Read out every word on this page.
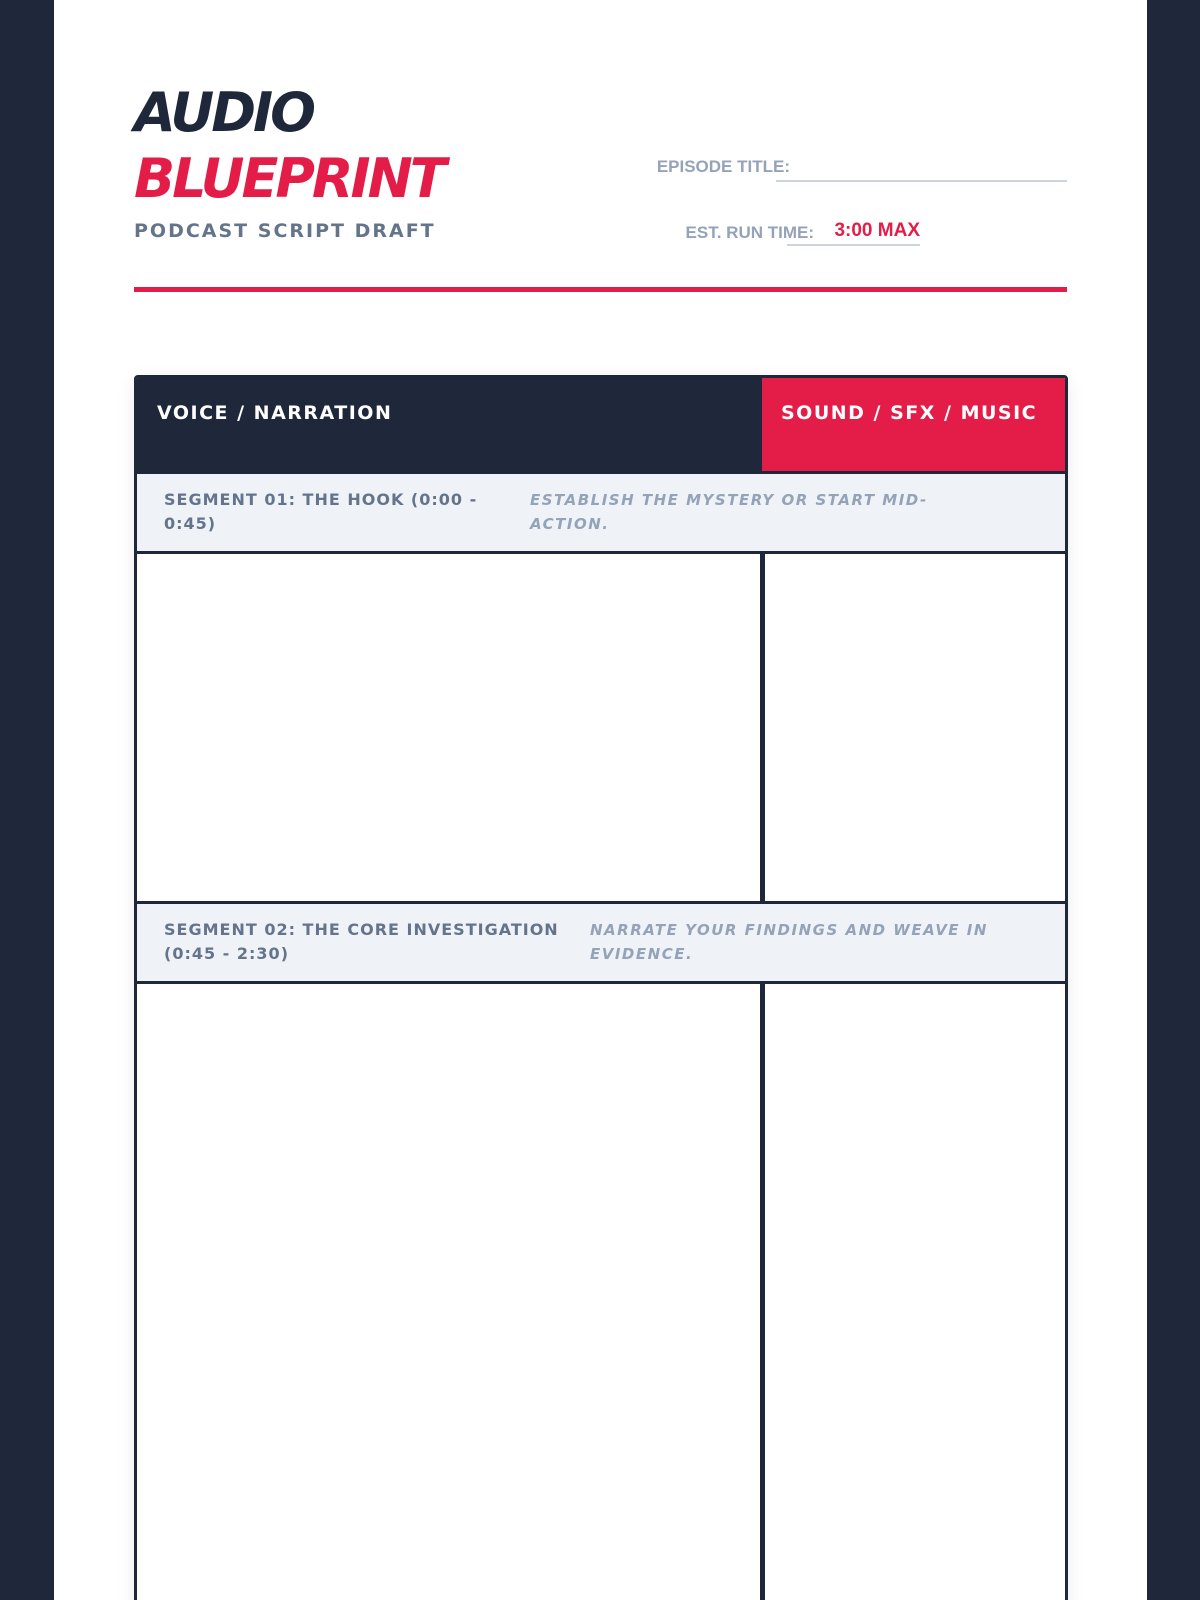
AUDIO
BLUEPRINT
PODCAST SCRIPT DRAFT
EPISODE TITLE:
EST. RUN TIME:	3:00 MAX
VOICE / NARRATION	SOUND / SFX / MUSIC
SEGMENT 01: THE HOOK (0:00 - 0:45)
ESTABLISH THE MYSTERY OR START MID-ACTION.
SEGMENT 02: THE CORE INVESTIGATION (0:45 - 2:30)
NARRATE YOUR FINDINGS AND WEAVE IN EVIDENCE.
